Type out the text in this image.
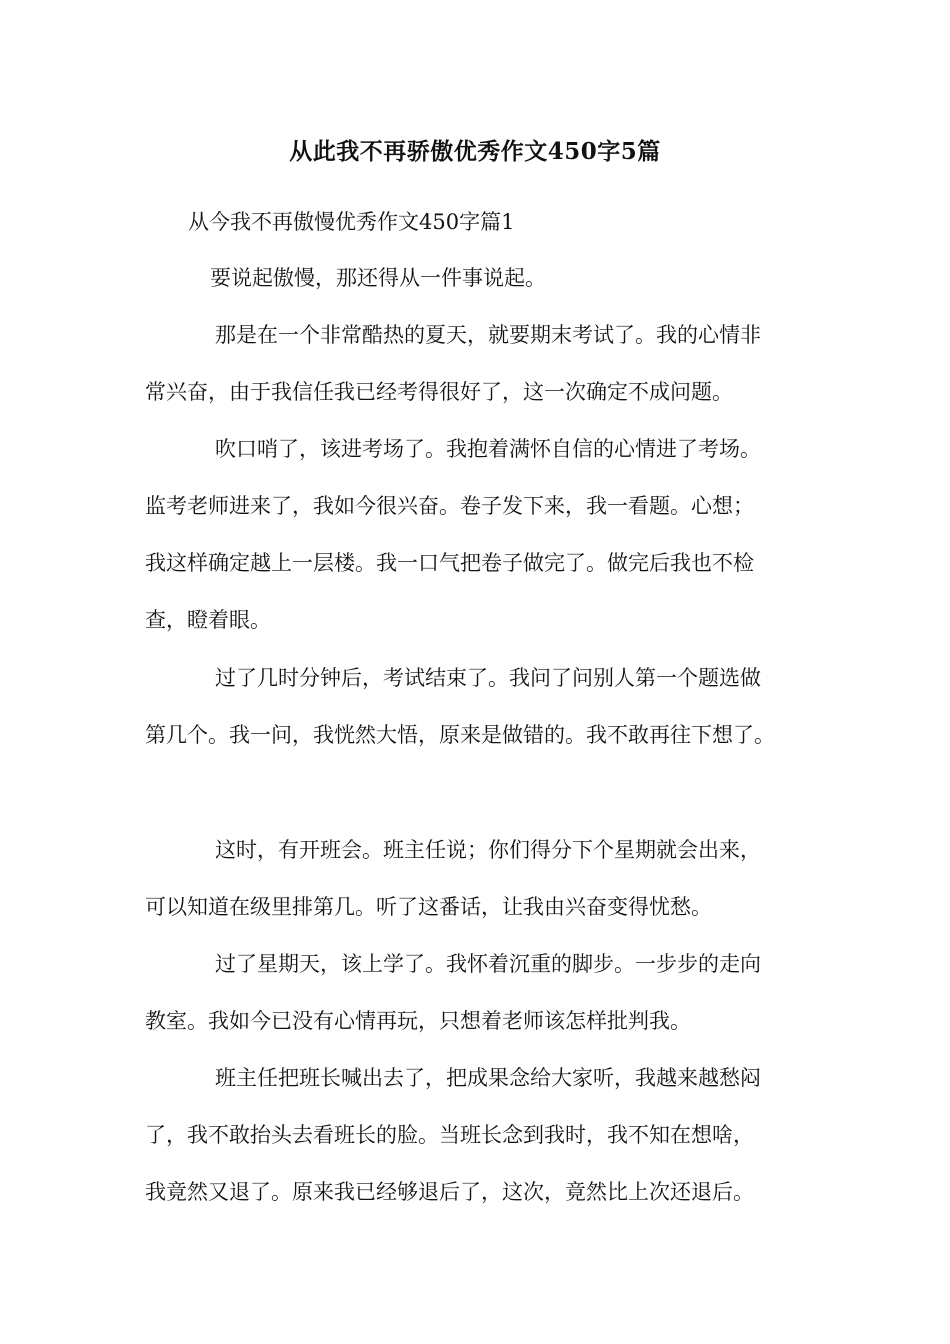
从此我不再骄傲优秀作文450字5篇
从今我不再傲慢优秀作文450字篇1
要说起傲慢，那还得从一件事说起。
那是在一个非常酷热的夏天，就要期末考试了。我的心情非
常兴奋，由于我信任我已经考得很好了，这一次确定不成问题。
吹口哨了，该进考场了。我抱着满怀自信的心情进了考场。
监考老师进来了，我如今很兴奋。卷子发下来，我一看题。心想；
我这样确定越上一层楼。我一口气把卷子做完了。做完后我也不检
查，瞪着眼。
过了几时分钟后，考试结束了。我问了问别人第一个题选做
第几个。我一问，我恍然大悟，原来是做错的。我不敢再往下想了。
这时，有开班会。班主任说；你们得分下个星期就会出来，
可以知道在级里排第几。听了这番话，让我由兴奋变得忧愁。
过了星期天，该上学了。我怀着沉重的脚步。一步步的走向
教室。我如今已没有心情再玩，只想着老师该怎样批判我。
班主任把班长喊出去了，把成果念给大家听，我越来越愁闷
了，我不敢抬头去看班长的脸。当班长念到我时，我不知在想啥，
我竟然又退了。原来我已经够退后了，这次，竟然比上次还退后。
